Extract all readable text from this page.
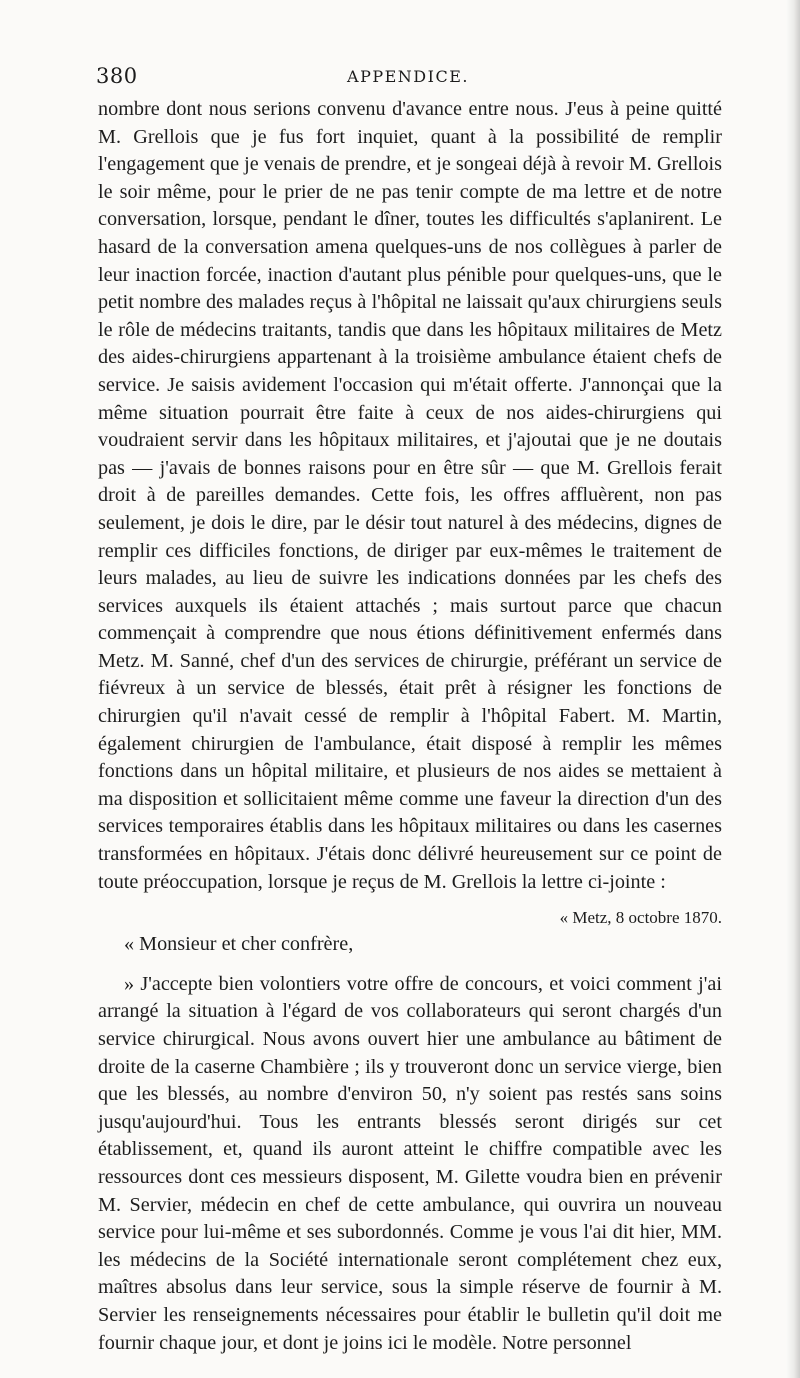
380	APPENDICE.

nombre dont nous serions convenu d'avance entre nous. J'eus à peine quitté M. Grellois que je fus fort inquiet, quant à la possibilité de remplir l'engagement que je venais de prendre, et je songeai déjà à revoir M. Grellois le soir même, pour le prier de ne pas tenir compte de ma lettre et de notre conversation, lorsque, pendant le dîner, toutes les difficultés s'aplanirent. Le hasard de la conversation amena quelques-uns de nos collègues à parler de leur inaction forcée, inaction d'autant plus pénible pour quelques-uns, que le petit nombre des malades reçus à l'hôpital ne laissait qu'aux chirurgiens seuls le rôle de médecins traitants, tandis que dans les hôpitaux militaires de Metz des aides-chirurgiens appartenant à la troisième ambulance étaient chefs de service. Je saisis avidement l'occasion qui m'était offerte. J'annonçai que la même situation pourrait être faite à ceux de nos aides-chirurgiens qui voudraient servir dans les hôpitaux militaires, et j'ajoutai que je ne doutais pas — j'avais de bonnes raisons pour en être sûr — que M. Grellois ferait droit à de pareilles demandes. Cette fois, les offres affluèrent, non pas seulement, je dois le dire, par le désir tout naturel à des médecins, dignes de remplir ces difficiles fonctions, de diriger par eux-mêmes le traitement de leurs malades, au lieu de suivre les indications données par les chefs des services auxquels ils étaient attachés ; mais surtout parce que chacun commençait à comprendre que nous étions définitivement enfermés dans Metz. M. Sanné, chef d'un des services de chirurgie, préférant un service de fiévreux à un service de blessés, était prêt à résigner les fonctions de chirurgien qu'il n'avait cessé de remplir à l'hôpital Fabert. M. Martin, également chirurgien de l'ambulance, était disposé à remplir les mêmes fonctions dans un hôpital militaire, et plusieurs de nos aides se mettaient à ma disposition et sollicitaient même comme une faveur la direction d'un des services temporaires établis dans les hôpitaux militaires ou dans les casernes transformées en hôpitaux. J'étais donc délivré heureusement sur ce point de toute préoccupation, lorsque je reçus de M. Grellois la lettre ci-jointe :

« Metz, 8 octobre 1870.

« Monsieur et cher confrère,

» J'accepte bien volontiers votre offre de concours, et voici comment j'ai arrangé la situation à l'égard de vos collaborateurs qui seront chargés d'un service chirurgical. Nous avons ouvert hier une ambulance au bâtiment de droite de la caserne Chambière ; ils y trouveront donc un service vierge, bien que les blessés, au nombre d'environ 50, n'y soient pas restés sans soins jusqu'aujourd'hui. Tous les entrants blessés seront dirigés sur cet établissement, et, quand ils auront atteint le chiffre compatible avec les ressources dont ces messieurs disposent, M. Gilette voudra bien en prévenir M. Servier, médecin en chef de cette ambulance, qui ouvrira un nouveau service pour lui-même et ses subordonnés. Comme je vous l'ai dit hier, MM. les médecins de la Société internationale seront complétement chez eux, maîtres absolus dans leur service, sous la simple réserve de fournir à M. Servier les renseignements nécessaires pour établir le bulletin qu'il doit me fournir chaque jour, et dont je joins ici le modèle. Notre personnel
